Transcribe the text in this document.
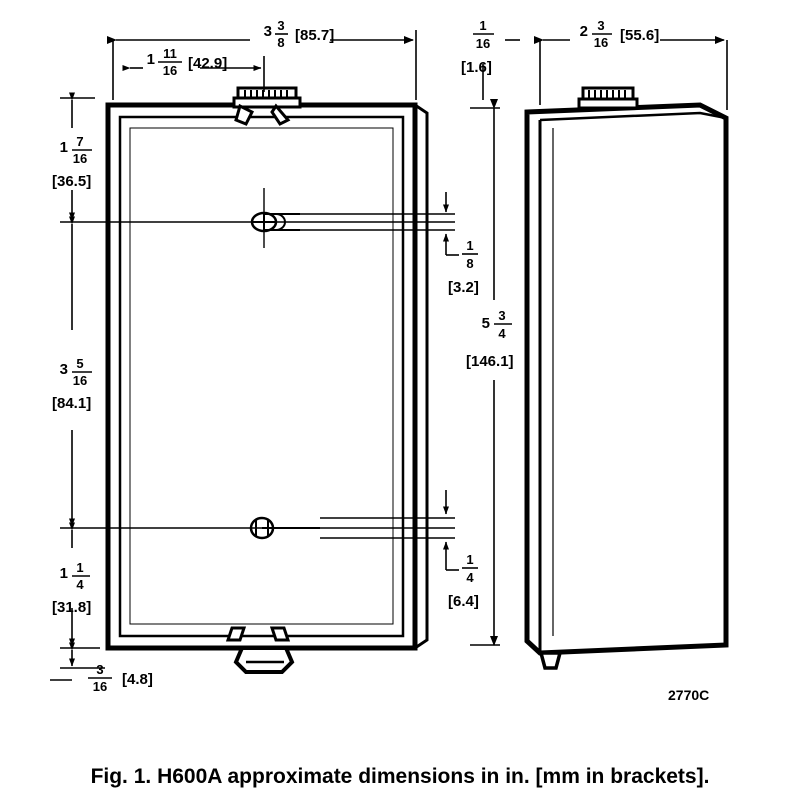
3 3
8 [85.7]
1 11
16 [42.9]
1 7
16
[36.5]
3 5
16
[84.1]
1 1
4
[31.8]
3
16 [4.8]
1
8
[3.2]
1
4
[6.4]
1
16
[1.6]
5 3
4
[146.1]
2 3
16 [55.6]
2770C
Fig. 1. H600A approximate dimensions in in. [mm in brackets].
